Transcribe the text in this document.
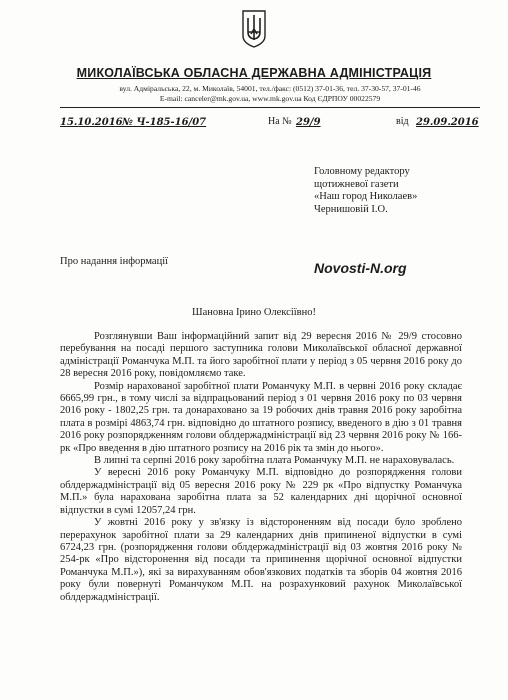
МИКОЛАЇВСЬКА ОБЛАСНА ДЕРЖАВНА АДМІНІСТРАЦІЯ
вул. Адміральська, 22, м. Миколаїв, 54001, тел./факс: (0512) 37-01-36, тел. 37-30-57, 37-01-46
E-mail: canceler@mk.gov.ua, www.mk.gov.ua Код ЄДРПОУ 00022579
15.10.2016 № Ч-185-16/07	На № 29/9	від 29.09.2016
Головному редактору
щотижневої газети
«Наш город Николаев»
Чернишовій І.О.
Про надання інформації	Novosti-N.org
Шановна Ірино Олексіївно!

Розглянувши Ваш інформаційний запит від 29 вересня 2016 № 29/9 стосовно перебування на посаді першого заступника голови Миколаївської обласної державної адміністрації Романчука М.П. та його заробітної плати у період з 05 червня 2016 року до 28 вересня 2016 року, повідомляємо таке.

Розмір нарахованої заробітної плати Романчуку М.П. в червні 2016 року складає 6665,99 грн., в тому числі за відпрацьований період з 01 червня 2016 року по 03 червня 2016 року - 1802,25 грн. та донараховано за 19 робочих днів травня 2016 року заробітна плата в розмірі 4863,74 грн. відповідно до штатного розпису, введеного в дію з 01 травня 2016 року розпорядженням голови облдержадміністрації від 23 червня 2016 року № 166-рк «Про введення в дію штатного розпису на 2016 рік та змін до нього».

В липні та серпні 2016 року заробітна плата Романчуку М.П. не нараховувалась.

У вересні 2016 року Романчуку М.П. відповідно до розпорядження голови облдержадміністрації від 05 вересня 2016 року № 229 рк «Про відпустку Романчука М.П.» була нарахована заробітна плата за 52 календарних дні щорічної основної відпустки в сумі 12057,24 грн.

У жовтні 2016 року у зв'язку із відстороненням від посади було зроблено перерахунок заробітної плати за 29 календарних днів припиненої відпустки в сумі 6724,23 грн. (розпорядження голови облдержадміністрації від 03 жовтня 2016 року № 254-рк «Про відсторонення від посади та припинення щорічної основної відпустки Романчука М.П.»), які за вирахуванням обов'язкових податків та зборів 04 жовтня 2016 року були повернуті Романчуком М.П. на розрахунковий рахунок Миколаївської облдержадміністрації.
